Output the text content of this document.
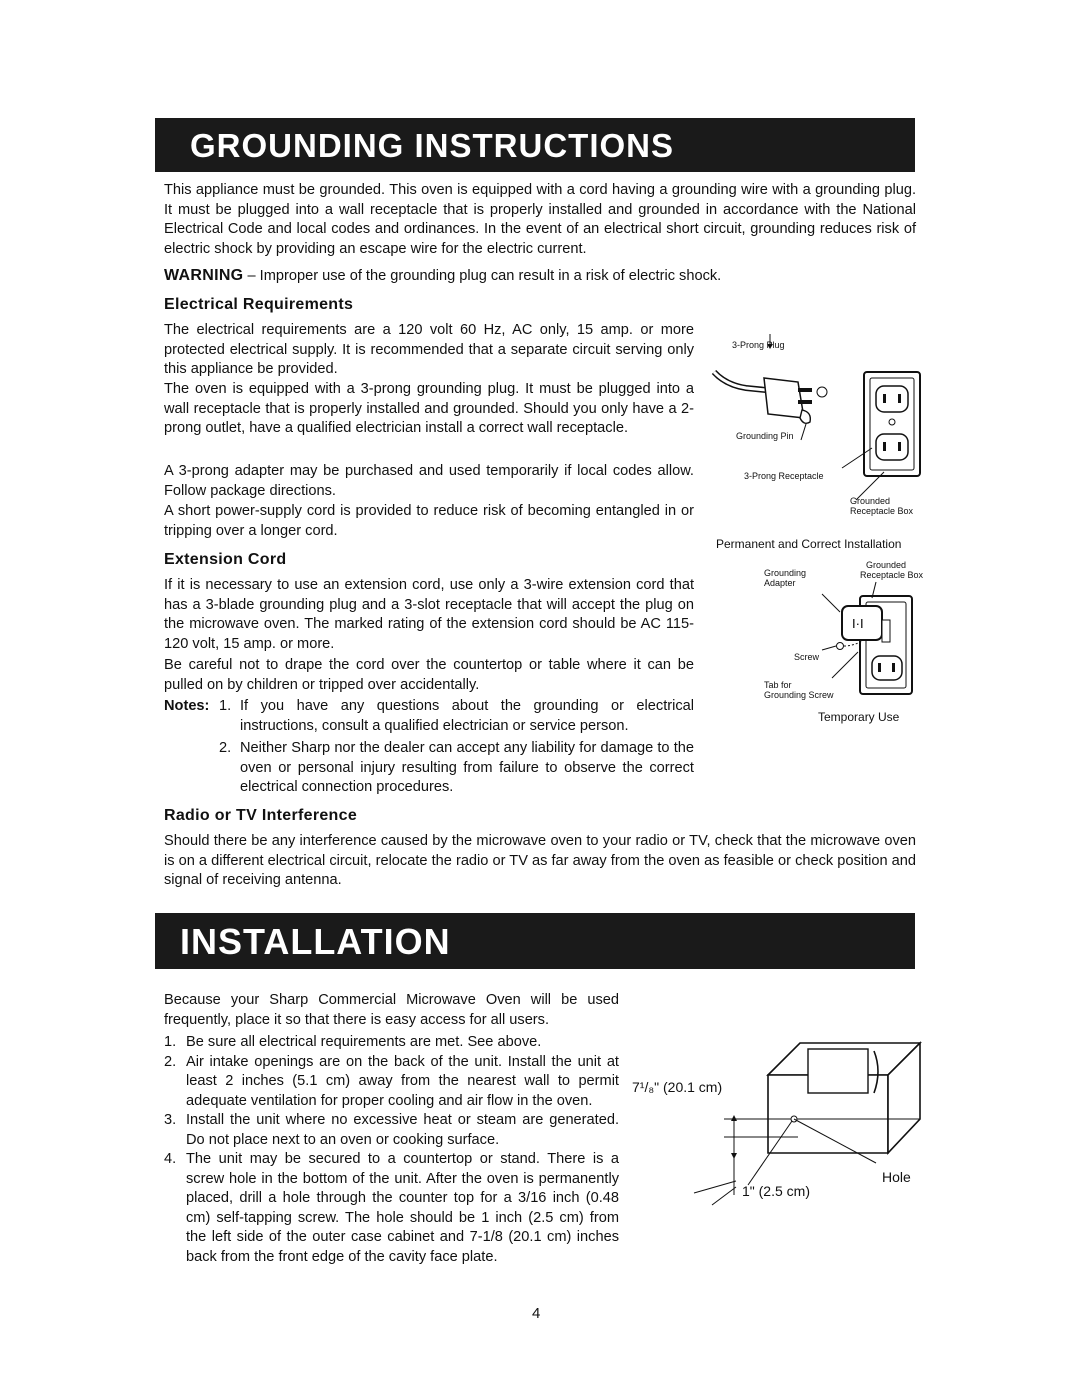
GROUNDING INSTRUCTIONS

This appliance must be grounded. This oven is equipped with a cord having a grounding wire with a grounding plug. It must be plugged into a wall receptacle that is properly installed and grounded in accordance with the National Electrical Code and local codes and ordinances. In the event of an electrical short circuit, grounding reduces risk of electric shock by providing an escape wire for the electric current.

WARNING – Improper use of the grounding plug can result in a risk of electric shock.

Electrical Requirements

The electrical requirements are a 120 volt 60 Hz, AC only, 15 amp. or more protected electrical supply. It is recommended that a separate circuit serving only this appliance be provided.

The oven is equipped with a 3-prong grounding plug. It must be plugged into a wall receptacle that is properly installed and grounded. Should you only have a 2-prong outlet, have a qualified electrician install a correct wall receptacle.

A 3-prong adapter may be purchased and used temporarily if local codes allow. Follow package directions.

A short power-supply cord is provided to reduce risk of becoming entangled in or tripping over a longer cord.

Extension Cord

If it is necessary to use an extension cord, use only a 3-wire extension cord that has a 3-blade grounding plug and a 3-slot receptacle that will accept the plug on the microwave oven. The marked rating of the extension cord should be AC 115-120 volt, 15 amp. or more.

Be careful not to drape the cord over the countertop or table where it can be pulled on by children or tripped over accidentally.

Notes: 1. If you have any questions about the grounding or electrical instructions, consult a qualified electrician or service person.
2. Neither Sharp nor the dealer can accept any liability for damage to the oven or personal injury resulting from failure to observe the correct electrical connection procedures.
Radio or TV Interference

Should there be any interference caused by the microwave oven to your radio or TV, check that the microwave oven is on a different electrical circuit, relocate the radio or TV as far away from the oven as feasible or check position and signal of receiving antenna.

3-Prong Plug
Grounding Pin
3-Prong Receptacle
Grounded
Receptacle Box
Permanent and Correct Installation
I·I
Grounding
Adapter
Grounded
Receptacle Box
Screw
Tab for
Grounding Screw
Temporary Use
INSTALLATION

Because your Sharp Commercial Microwave Oven will be used frequently, place it so that there is easy access for all users.

1. Be sure all electrical requirements are met. See above.
2. Air intake openings are on the back of the unit. Install the unit at least 2 inches (5.1 cm) away from the nearest wall to permit adequate ventilation for proper cooling and air flow in the oven.
3. Install the unit where no excessive heat or steam are generated. Do not place next to an oven or cooking surface.
4. The unit may be secured to a countertop or stand. There is a screw hole in the bottom of the unit. After the oven is permanently placed, drill a hole through the counter top for a 3/16 inch (0.48 cm) self-tapping screw. The hole should be 1 inch (2.5 cm) from the left side of the outer case cabinet and 7-1/8 (20.1 cm) inches back from the front edge of the cavity face plate.
7¹/₈" (20.1 cm)
1" (2.5 cm)
Hole
4
